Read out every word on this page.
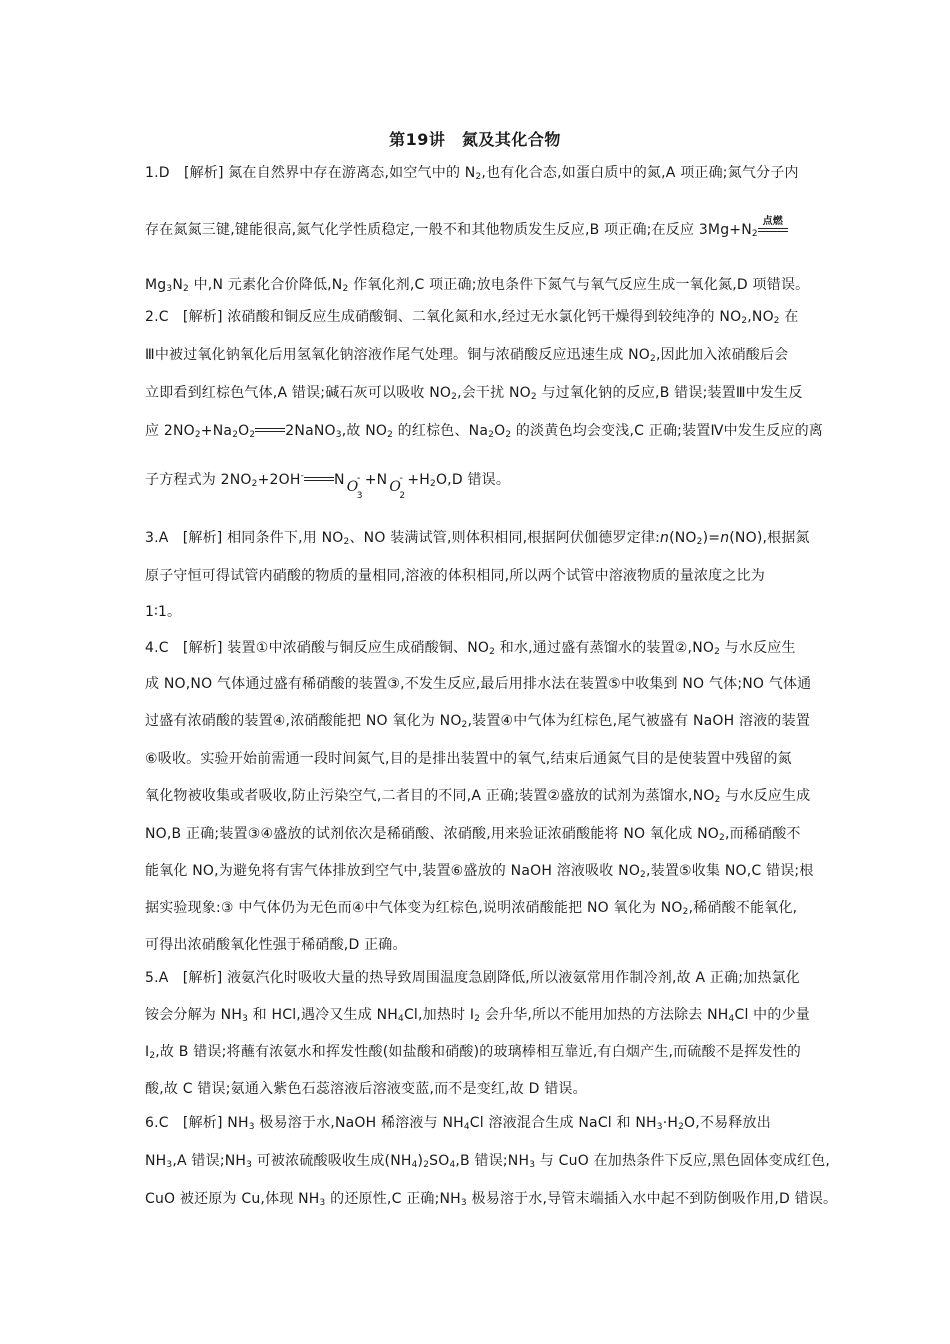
第19讲　氮及其化合物
1.D　[解析] 氮在自然界中存在游离态,如空气中的 $N_2$,也有化合态,如蛋白质中的氮,A 项正确;氮气分子内
存在氮氮三键,键能很高,氮气化学性质稳定,一般不和其他物质发生反应,B 项正确;在反应 $3Mg+N_2$
点燃
$Mg_3N_2$ 中,N 元素化合价降低$,N_2$ 作氧化剂,C 项正确;放电条件下氮气与氧气反应生成一氧化氮,D 项错误。
2.C　[解析] 浓硝酸和铜反应生成硝酸铜、二氧化氮和水,经过无水氯化钙干燥得到较纯净的 $NO_2,NO_2$ 在
Ⅲ中被过氧化钠氧化后用氢氧化钠溶液作尾气处理。铜与浓硝酸反应迅速生成 $NO_2$,因此加入浓硝酸后会
立即看到红棕色气体,A 错误;碱石灰可以吸收 $NO_2$,会干扰 $NO_2$ 与过氧化钠的反应,B 错误;装置Ⅲ中发生反
应 $2NO_2+Na_2O_2$ 2NaNO$_3$,故 $NO_2$ 的红棕色、$Na_2O_2$ 的淡黄色均会变浅,C 正确;装置Ⅳ中发生反应的离
子方程式为 $2NO_2+2OH^-$ N O
3
- +N O
2
- $+H_2O,D$ 错误。
3.A　[解析] 相同条件下,用 $NO_2$、NO 装满试管,则体积相同,根据阿伏伽德罗定律$:n(NO_2)=n(NO)$,根据氮
原子守恒可得试管内硝酸的物质的量相同,溶液的体积相同,所以两个试管中溶液物质的量浓度之比为
1∶1。
4.C　[解析] 装置①中浓硝酸与铜反应生成硝酸铜、$NO_2$ 和水,通过盛有蒸馏水的装置$②,NO_2$ 与水反应生
成 NO,NO 气体通过盛有稀硝酸的装置③,不发生反应,最后用排水法在装置⑤中收集到 NO 气体;NO 气体通
过盛有浓硝酸的装置④,浓硝酸能把 NO 氧化为 $NO_2$,装置④中气体为红棕色,尾气被盛有 NaOH 溶液的装置
⑥吸收。实验开始前需通一段时间氮气,目的是排出装置中的氧气,结束后通氮气目的是使装置中残留的氮
氧化物被收集或者吸收,防止污染空气,二者目的不同,A 正确;装置②盛放的试剂为蒸馏水$,NO_2$ 与水反应生成
NO,B 正确;装置③④盛放的试剂依次是稀硝酸、浓硝酸,用来验证浓硝酸能将 NO 氧化成 $NO_2$,而稀硝酸不
能氧化 NO,为避免将有害气体排放到空气中,装置⑥盛放的 NaOH 溶液吸收 $NO_2$,装置⑤收集 NO,C 错误;根
据实验现象:③ 中气体仍为无色而④中气体变为红棕色,说明浓硝酸能把 NO 氧化为 $NO_2$,稀硝酸不能氧化,
可得出浓硝酸氧化性强于稀硝酸,D 正确。
5.A　[解析] 液氨汽化时吸收大量的热导致周围温度急剧降低,所以液氨常用作制冷剂,故 A 正确;加热氯化
铵会分解为 $NH_3$ 和 HCl,遇冷又生成 $NH_4Cl$,加热时 $I_2$ 会升华,所以不能用加热的方法除去 $NH_4Cl$ 中的少量
$I_2$,故 B 错误;将蘸有浓氨水和挥发性酸(如盐酸和硝酸)的玻璃棒相互靠近,有白烟产生,而硫酸不是挥发性的
酸,故 C 错误;氨通入紫色石蕊溶液后溶液变蓝,而不是变红,故 D 错误。
6.C　[解析] $NH_3$ 极易溶于水,NaOH 稀溶液与 $NH_4Cl$ 溶液混合生成 NaCl 和 $NH_3\cdot H_2O$,不易释放出
$NH_3,A$ 错误$;NH_3$ 可被浓硫酸吸收生成$(NH_4)_2SO_4,B$ 错误$;NH_3$ 与 CuO 在加热条件下反应,黑色固体变成红色,
CuO 被还原为 Cu,体现 $NH_3$ 的还原性,C 正确$;NH_3$ 极易溶于水,导管末端插入水中起不到防倒吸作用,D 错误。
